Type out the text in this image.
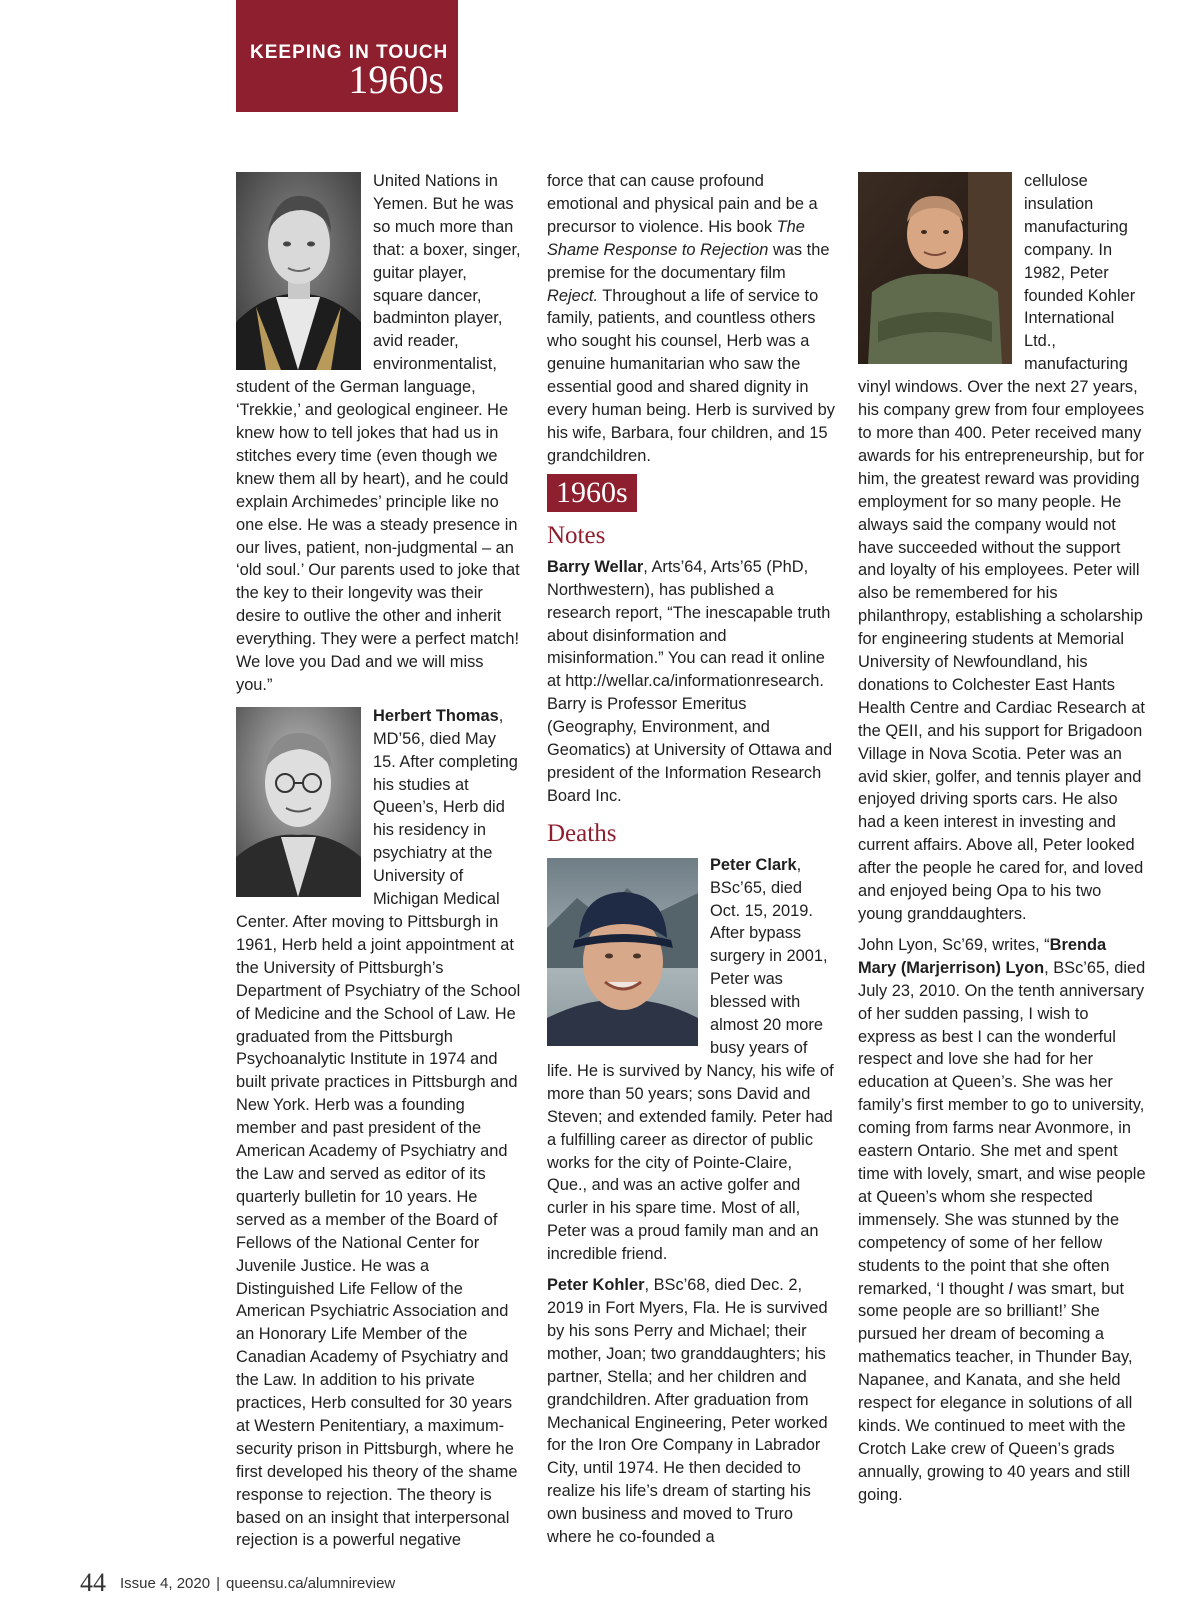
KEEPING IN TOUCH
1960s

United Nations in Yemen. But he was so much more than that: a boxer, singer, guitar player, square dancer, badminton player, avid reader, environmentalist, student of the German language, ‘Trekkie,’ and geological engineer. He knew how to tell jokes that had us in stitches every time (even though we knew them all by heart), and he could explain Archimedes’ principle like no one else. He was a steady presence in our lives, patient, non-judgmental – an ‘old soul.’ Our parents used to joke that the key to their longevity was their desire to outlive the other and inherit everything. They were a perfect match! We love you Dad and we will miss you.”

Herbert Thomas, MD’56, died May 15. After completing his studies at Queen’s, Herb did his residency in psychiatry at the University of Michigan Medical Center. After moving to Pittsburgh in 1961, Herb held a joint appointment at the University of Pittsburgh’s Department of Psychiatry of the School of Medicine and the School of Law. He graduated from the Pittsburgh Psychoanalytic Institute in 1974 and built private practices in Pittsburgh and New York. Herb was a founding member and past president of the American Academy of Psychiatry and the Law and served as editor of its quarterly bulletin for 10 years. He served as a member of the Board of Fellows of the National Center for Juvenile Justice. He was a Distinguished Life Fellow of the American Psychiatric Association and an Honorary Life Member of the Canadian Academy of Psychiatry and the Law. In addition to his private practices, Herb consulted for 30 years at Western Penitentiary, a maximum-security prison in Pittsburgh, where he first developed his theory of the shame response to rejection. The theory is based on an insight that interpersonal rejection is a powerful negative

force that can cause profound emotional and physical pain and be a precursor to violence. His book The Shame Response to Rejection was the premise for the documentary film Reject. Throughout a life of service to family, patients, and countless others who sought his counsel, Herb was a genuine humanitarian who saw the essential good and shared dignity in every human being. Herb is survived by his wife, Barbara, four children, and 15 grandchildren.

1960s
Notes

Barry Wellar, Arts’64, Arts’65 (PhD, Northwestern), has published a research report, “The inescapable truth about disinformation and misinformation.” You can read it online at http://wellar.ca/informationresearch. Barry is Professor Emeritus (Geography, Environment, and Geomatics) at University of Ottawa and president of the Information Research Board Inc.

Deaths

Peter Clark, BSc’65, died Oct. 15, 2019. After bypass surgery in 2001, Peter was blessed with almost 20 more busy years of life. He is survived by Nancy, his wife of more than 50 years; sons David and Steven; and extended family. Peter had a fulfilling career as director of public works for the city of Pointe-Claire, Que., and was an active golfer and curler in his spare time. Most of all, Peter was a proud family man and an incredible friend.

Peter Kohler, BSc’68, died Dec. 2, 2019 in Fort Myers, Fla. He is survived by his sons Perry and Michael; their mother, Joan; two granddaughters; his partner, Stella; and her children and grandchildren. After graduation from Mechanical Engineering, Peter worked for the Iron Ore Company in Labrador City, until 1974. He then decided to realize his life’s dream of starting his own business and moved to Truro where he co-founded a

cellulose insulation manufacturing company. In 1982, Peter founded Kohler International Ltd., manufacturing vinyl windows. Over the next 27 years, his company grew from four employees to more than 400. Peter received many awards for his entrepreneurship, but for him, the greatest reward was providing employment for so many people. He always said the company would not have succeeded without the support and loyalty of his employees. Peter will also be remembered for his philanthropy, establishing a scholarship for engineering students at Memorial University of Newfoundland, his donations to Colchester East Hants Health Centre and Cardiac Research at the QEII, and his support for Brigadoon Village in Nova Scotia. Peter was an avid skier, golfer, and tennis player and enjoyed driving sports cars. He also had a keen interest in investing and current affairs. Above all, Peter looked after the people he cared for, and loved and enjoyed being Opa to his two young granddaughters.

John Lyon, Sc’69, writes, “Brenda Mary (Marjerrison) Lyon, BSc’65, died July 23, 2010. On the tenth anniversary of her sudden passing, I wish to express as best I can the wonderful respect and love she had for her education at Queen’s. She was her family’s first member to go to university, coming from farms near Avonmore, in eastern Ontario. She met and spent time with lovely, smart, and wise people at Queen’s whom she respected immensely. She was stunned by the competency of some of her fellow students to the point that she often remarked, ‘I thought I was smart, but some people are so brilliant!’ She pursued her dream of becoming a mathematics teacher, in Thunder Bay, Napanee, and Kanata, and she held respect for elegance in solutions of all kinds. We continued to meet with the Crotch Lake crew of Queen’s grads annually, growing to 40 years and still going.

44 Issue 4, 2020 | queensu.ca/alumnireview
